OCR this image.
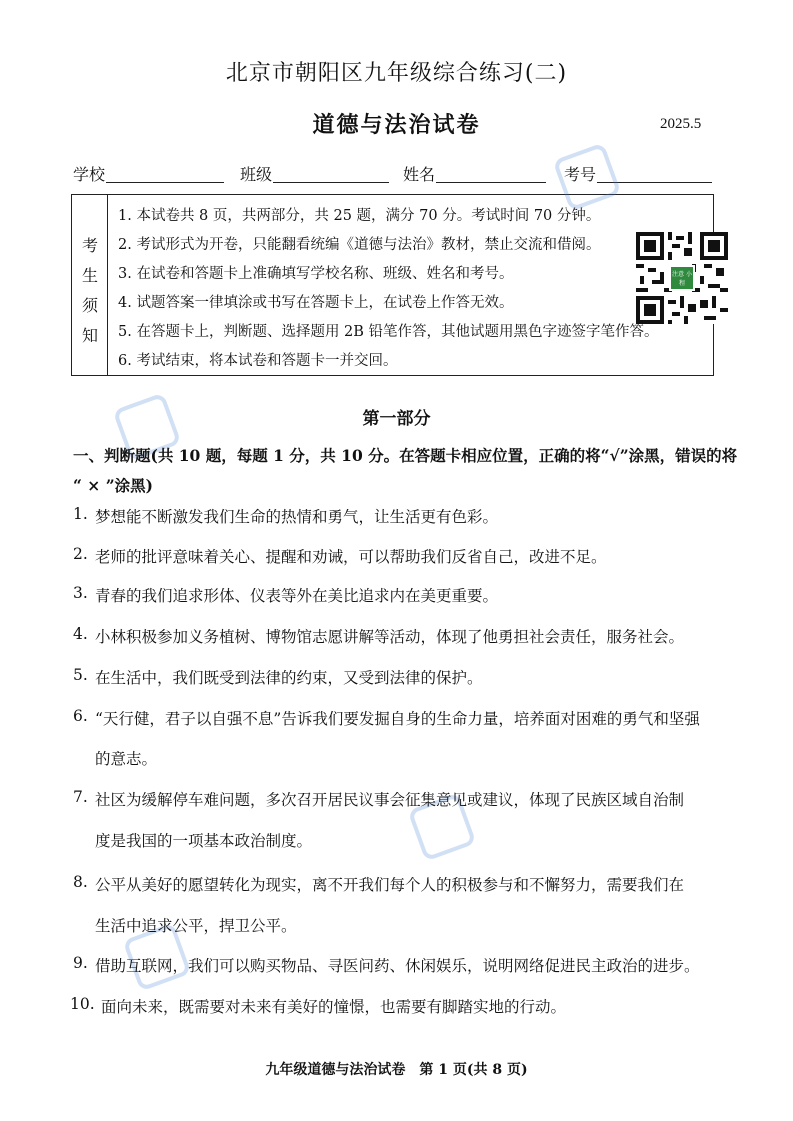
北京市朝阳区九年级综合练习(二)
道德与法治试卷	2025.5
学校	班级	姓名	考号
考
生
须
知
1. 本试卷共 8 页，共两部分，共 25 题，满分 70 分。考试时间 70 分钟。
2. 考试形式为开卷，只能翻看统编《道德与法治》教材，禁止交流和借阅。
3. 在试卷和答题卡上准确填写学校名称、班级、姓名和考号。
4. 试题答案一律填涂或书写在答题卡上，在试卷上作答无效。
5. 在答题卡上，判断题、选择题用 2B 铅笔作答，其他试题用黑色字迹签字笔作答。
6. 考试结束，将本试卷和答题卡一并交回。
注意 小程
第一部分
一、判断题(共 10 题，每题 1 分，共 10 分。在答题卡相应位置，正确的将“√”涂黑，错误的将
“ × ”涂黑)
1. 梦想能不断激发我们生命的热情和勇气，让生活更有色彩。
2. 老师的批评意味着关心、提醒和劝诫，可以帮助我们反省自己，改进不足。
3. 青春的我们追求形体、仪表等外在美比追求内在美更重要。
4. 小林积极参加义务植树、博物馆志愿讲解等活动，体现了他勇担社会责任，服务社会。
5. 在生活中，我们既受到法律的约束，又受到法律的保护。
6. “天行健，君子以自强不息”告诉我们要发掘自身的生命力量，培养面对困难的勇气和坚强
的意志。
7. 社区为缓解停车难问题，多次召开居民议事会征集意见或建议，体现了民族区域自治制
度是我国的一项基本政治制度。
8. 公平从美好的愿望转化为现实，离不开我们每个人的积极参与和不懈努力，需要我们在
生活中追求公平，捍卫公平。
9. 借助互联网，我们可以购买物品、寻医问药、休闲娱乐，说明网络促进民主政治的进步。
10. 面向未来，既需要对未来有美好的憧憬，也需要有脚踏实地的行动。
九年级道德与法治试卷　第 1 页(共 8 页)
